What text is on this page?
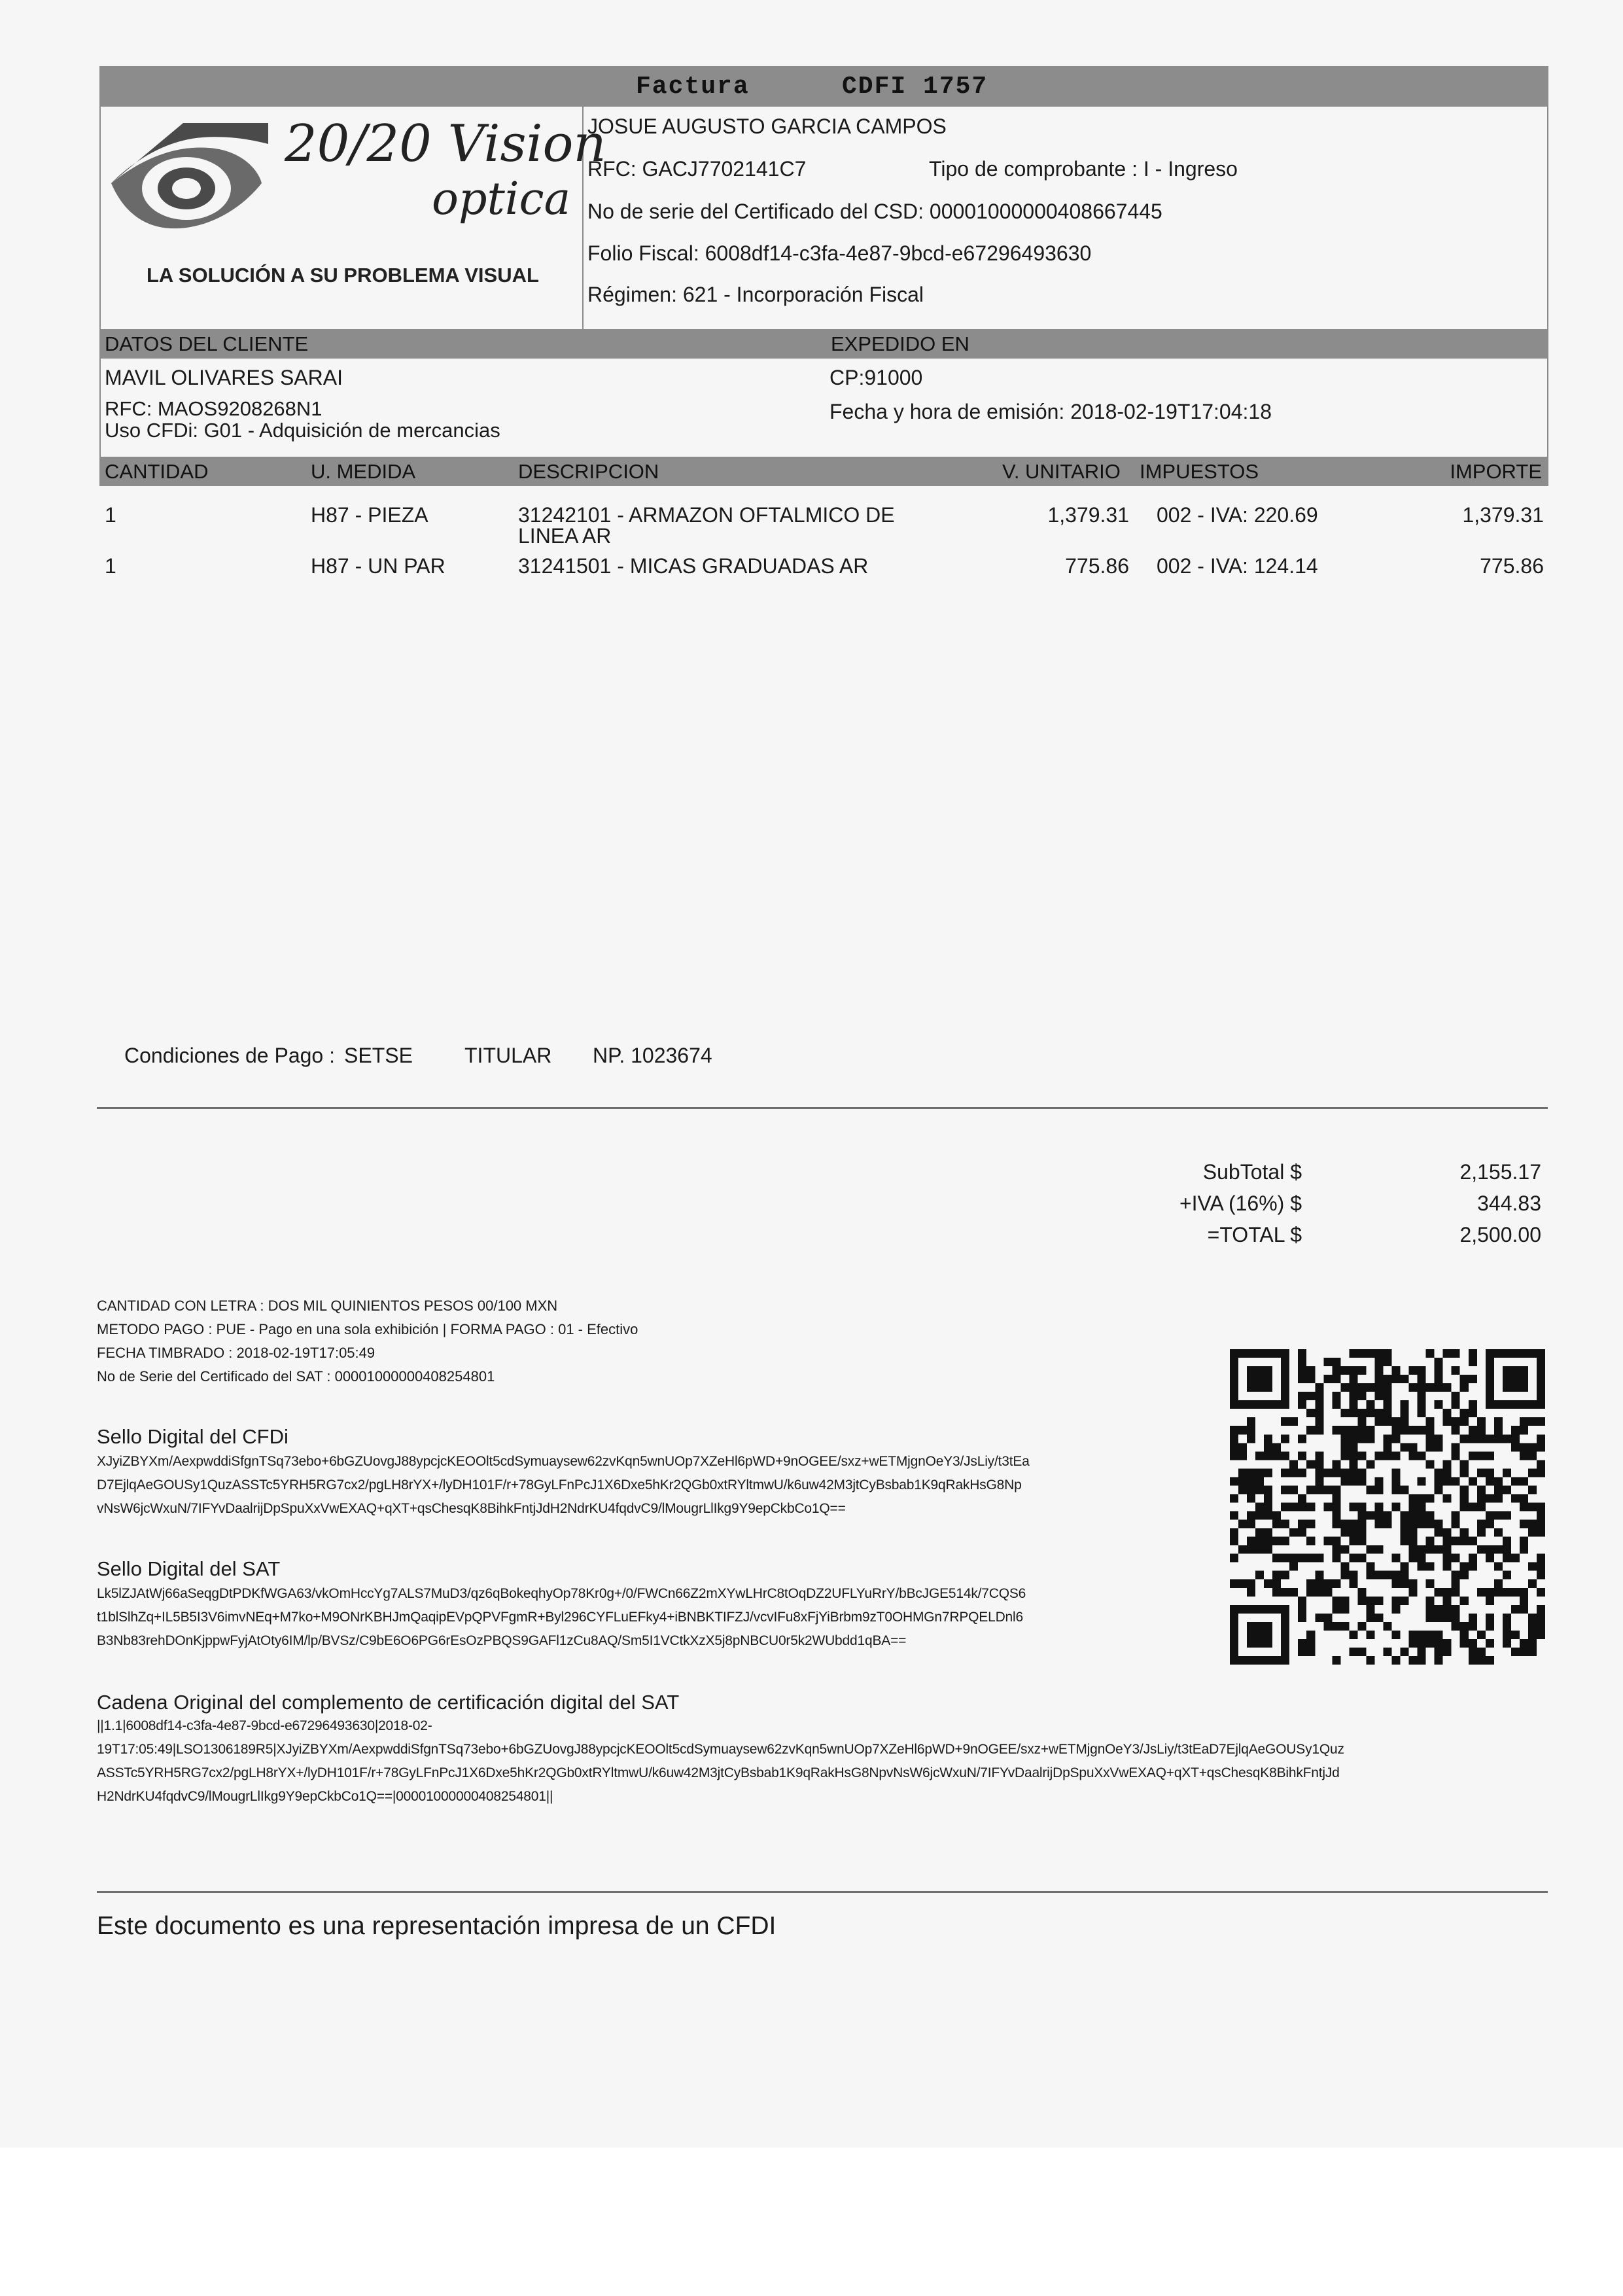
Factura	CDFI 1757
20/20 Vision
optica
LA SOLUCIÓN A SU PROBLEMA VISUAL
JOSUE AUGUSTO GARCIA CAMPOS
RFC: GACJ7702141C7	Tipo de comprobante : I - Ingreso
No de serie del Certificado del CSD: 00001000000408667445
Folio Fiscal: 6008df14-c3fa-4e87-9bcd-e67296493630
Régimen: 621 - Incorporación Fiscal
DATOS DEL CLIENTE	EXPEDIDO EN
MAVIL OLIVARES SARAI
RFC: MAOS9208268N1
Uso CFDi: G01 - Adquisición de mercancias
CP:91000
Fecha y hora de emisión: 2018-02-19T17:04:18
CANTIDAD	U. MEDIDA	DESCRIPCION	V. UNITARIO IMPUESTOS	IMPORTE
1	H87 - PIEZA	31242101 - ARMAZON OFTALMICO DE
LINEA AR
1,379.31 002 - IVA: 220.69	1,379.31
1	H87 - UN PAR	31241501 - MICAS GRADUADAS AR	775.86 002 - IVA: 124.14	775.86
Condiciones de Pago : SETSE TITULAR NP. 1023674
SubTotal $	2,155.17
+IVA (16%) $	344.83
=TOTAL $	2,500.00
CANTIDAD CON LETRA : DOS MIL QUINIENTOS PESOS 00/100 MXN
METODO PAGO : PUE - Pago en una sola exhibición | FORMA PAGO : 01 - Efectivo
FECHA TIMBRADO : 2018-02-19T17:05:49
No de Serie del Certificado del SAT : 00001000000408254801
Sello Digital del CFDi
XJyiZBYXm/AexpwddiSfgnTSq73ebo+6bGZUovgJ88ypcjcKEOOlt5cdSymuaysew62zvKqn5wnUOp7XZeHl6pWD+9nOGEE/sxz+wETMjgnOeY3/JsLiy/t3tEa
D7EjlqAeGOUSy1QuzASSTc5YRH5RG7cx2/pgLH8rYX+/lyDH101F/r+78GyLFnPcJ1X6Dxe5hKr2QGb0xtRYltmwU/k6uw42M3jtCyBsbab1K9qRakHsG8Np
vNsW6jcWxuN/7IFYvDaalrijDpSpuXxVwEXAQ+qXT+qsChesqK8BihkFntjJdH2NdrKU4fqdvC9/lMougrLlIkg9Y9epCkbCo1Q==
Sello Digital del SAT
Lk5lZJAtWj66aSeqgDtPDKfWGA63/vkOmHccYg7ALS7MuD3/qz6qBokeqhyOp78Kr0g+/0/FWCn66Z2mXYwLHrC8tOqDZ2UFLYuRrY/bBcJGE514k/7CQS6
t1blSlhZq+IL5B5I3V6imvNEq+M7ko+M9ONrKBHJmQaqipEVpQPVFgmR+Byl296CYFLuEFky4+iBNBKTIFZJ/vcvIFu8xFjYiBrbm9zT0OHMGn7RPQELDnl6
B3Nb83rehDOnKjppwFyjAtOty6IM/lp/BVSz/C9bE6O6PG6rEsOzPBQS9GAFl1zCu8AQ/Sm5I1VCtkXzX5j8pNBCU0r5k2WUbdd1qBA==
Cadena Original del complemento de certificación digital del SAT
||1.1|6008df14-c3fa-4e87-9bcd-e67296493630|2018-02-
19T17:05:49|LSO1306189R5|XJyiZBYXm/AexpwddiSfgnTSq73ebo+6bGZUovgJ88ypcjcKEOOlt5cdSymuaysew62zvKqn5wnUOp7XZeHl6pWD+9nOGEE/sxz+wETMjgnOeY3/JsLiy/t3tEaD7EjlqAeGOUSy1Quz
ASSTc5YRH5RG7cx2/pgLH8rYX+/lyDH101F/r+78GyLFnPcJ1X6Dxe5hKr2QGb0xtRYltmwU/k6uw42M3jtCyBsbab1K9qRakHsG8NpvNsW6jcWxuN/7IFYvDaalrijDpSpuXxVwEXAQ+qXT+qsChesqK8BihkFntjJd
H2NdrKU4fqdvC9/lMougrLlIkg9Y9epCkbCo1Q==|00001000000408254801||
Este documento es una representación impresa de un CFDI
